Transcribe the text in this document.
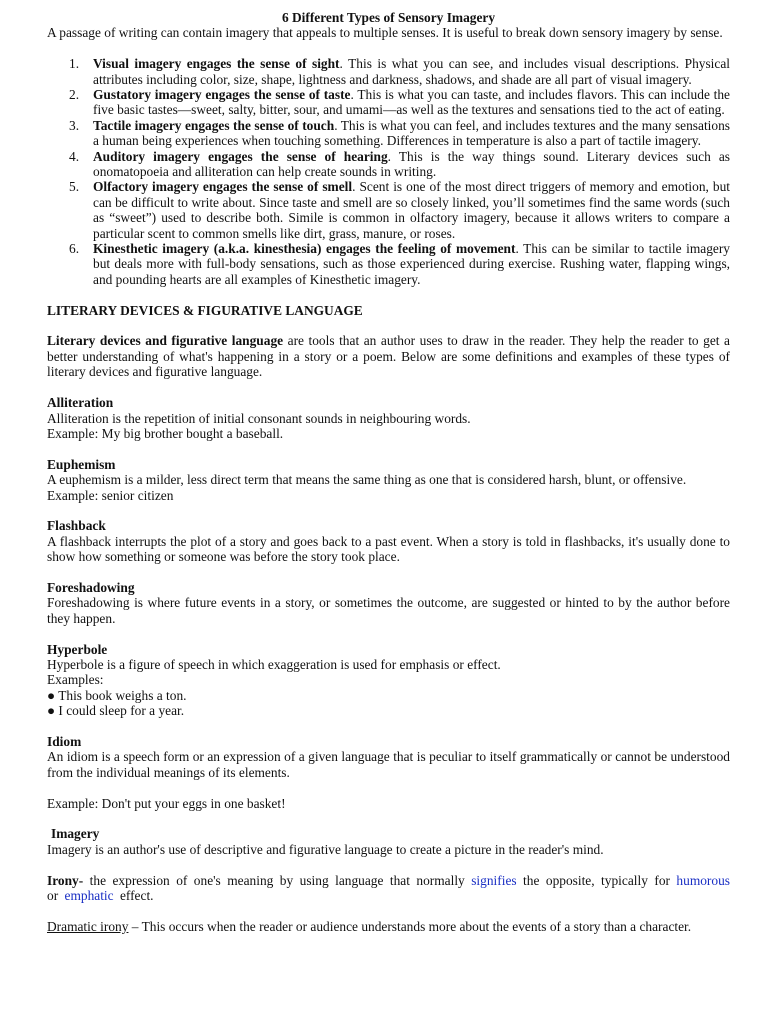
6 Different Types of Sensory Imagery

A passage of writing can contain imagery that appeals to multiple senses. It is useful to break down sensory imagery by sense.

1. Visual imagery engages the sense of sight. This is what you can see, and includes visual descriptions. Physical attributes including color, size, shape, lightness and darkness, shadows, and shade are all part of visual imagery.
2. Gustatory imagery engages the sense of taste. This is what you can taste, and includes flavors. This can include the five basic tastes—sweet, salty, bitter, sour, and umami—as well as the textures and sensations tied to the act of eating.
3. Tactile imagery engages the sense of touch. This is what you can feel, and includes textures and the many sensations a human being experiences when touching something. Differences in temperature is also a part of tactile imagery.
4. Auditory imagery engages the sense of hearing. This is the way things sound. Literary devices such as onomatopoeia and alliteration can help create sounds in writing.
5. Olfactory imagery engages the sense of smell. Scent is one of the most direct triggers of memory and emotion, but can be difficult to write about. Since taste and smell are so closely linked, you’ll sometimes find the same words (such as “sweet”) used to describe both. Simile is common in olfactory imagery, because it allows writers to compare a particular scent to common smells like dirt, grass, manure, or roses.
6. Kinesthetic imagery (a.k.a. kinesthesia) engages the feeling of movement. This can be similar to tactile imagery but deals more with full-body sensations, such as those experienced during exercise. Rushing water, flapping wings, and pounding hearts are all examples of Kinesthetic imagery.

LITERARY DEVICES & FIGURATIVE LANGUAGE

Literary devices and figurative language are tools that an author uses to draw in the reader. They help the reader to get a better understanding of what's happening in a story or a poem. Below are some definitions and examples of these types of literary devices and figurative language.

Alliteration

Alliteration is the repetition of initial consonant sounds in neighbouring words.

Example: My big brother bought a baseball.

Euphemism

A euphemism is a milder, less direct term that means the same thing as one that is considered harsh, blunt, or offensive.

Example: senior citizen

Flashback

A flashback interrupts the plot of a story and goes back to a past event. When a story is told in flashbacks, it's usually done to show how something or someone was before the story took place.

Foreshadowing

Foreshadowing is where future events in a story, or sometimes the outcome, are suggested or hinted to by the author before they happen.

Hyperbole

Hyperbole is a figure of speech in which exaggeration is used for emphasis or effect.

Examples:

● This book weighs a ton.

● I could sleep for a year.

Idiom

An idiom is a speech form or an expression of a given language that is peculiar to itself grammatically or cannot be understood from the individual meanings of its elements.

Example: Don't put your eggs in one basket!

Imagery

Imagery is an author's use of descriptive and figurative language to create a picture in the reader's mind.

Irony- the expression of one's meaning by using language that normally signifies the opposite, typically for humorous or emphatic effect.

Dramatic irony – This occurs when the reader or audience understands more about the events of a story than a character.
